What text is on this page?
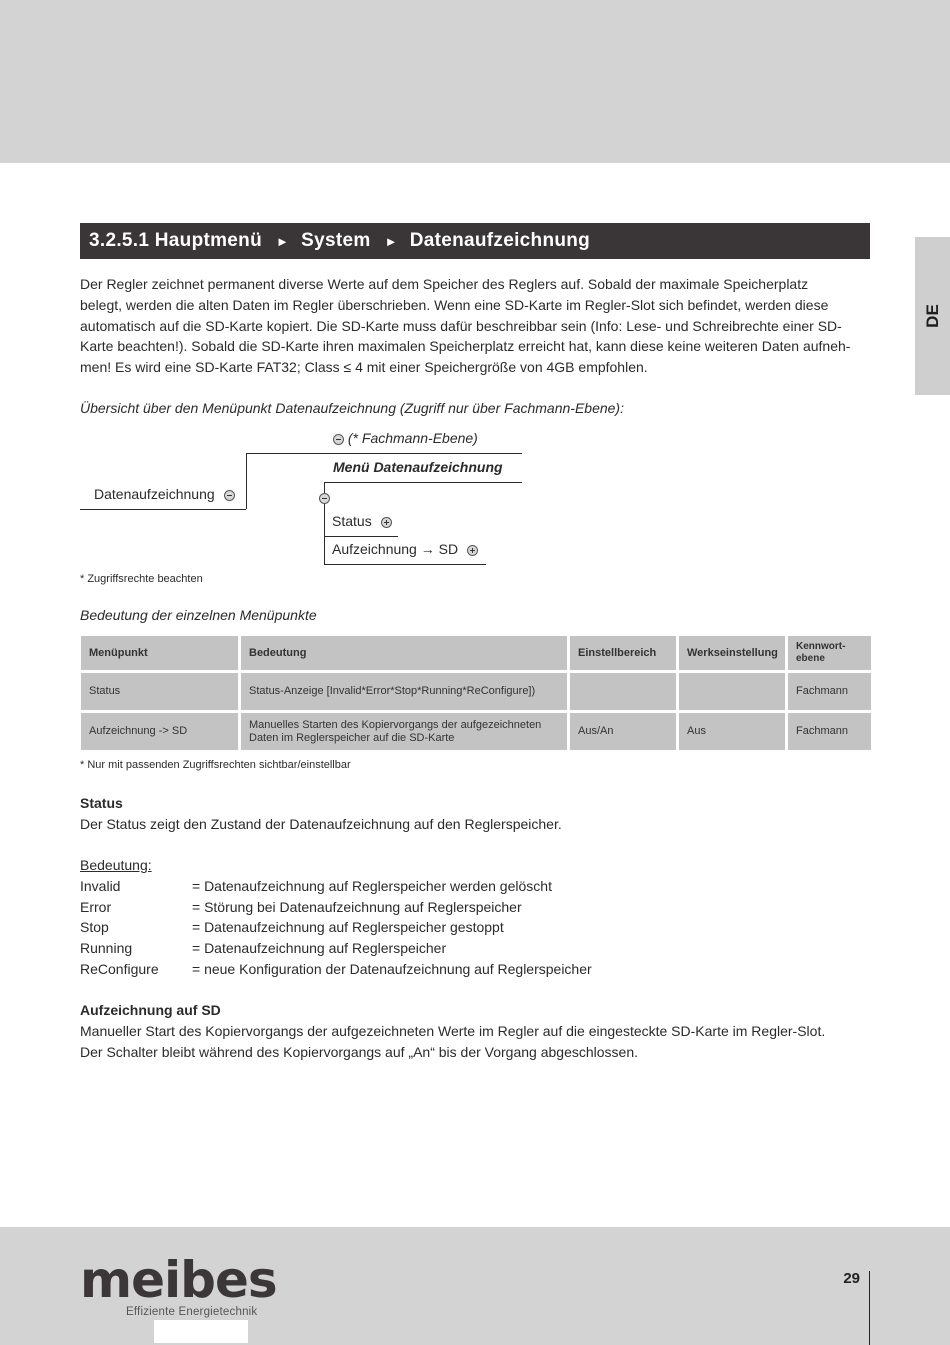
DE
3.2.5.1 Hauptmenü ► System ► Datenaufzeichnung

Der Regler zeichnet permanent diverse Werte auf dem Speicher des Reglers auf. Sobald der maximale Speicherplatz

belegt, werden die alten Daten im Regler überschrieben. Wenn eine SD-Karte im Regler-Slot sich befindet, werden diese

automatisch auf die SD-Karte kopiert. Die SD-Karte muss dafür beschreibbar sein (Info: Lese- und Schreibrechte einer SD-

Karte beachten!). Sobald die SD-Karte ihren maximalen Speicherplatz erreicht hat, kann diese keine weiteren Daten aufneh-

men! Es wird eine SD-Karte FAT32; Class ≤ 4 mit einer Speichergröße von 4GB empfohlen.

Übersicht über den Menüpunkt Datenaufzeichnung (Zugriff nur über Fachmann-Ebene):
(* Fachmann-Ebene)
Menü Datenaufzeichnung
Datenaufzeichnung
Status
Aufzeichnung → SD
* Zugriffsrechte beachten
Bedeutung der einzelnen Menüpunkte
Menüpunkt	Bedeutung	Einstellbereich	Werkseinstellung	Kennwort-
ebene
Status	Status-Anzeige [Invalid*Error*Stop*Running*ReConfigure])			Fachmann
Aufzeichnung -> SD	Manuelles Starten des Kopiervorgangs der aufgezeichneten Daten im Reglerspeicher auf die SD-Karte	Aus/An	Aus	Fachmann
* Nur mit passenden Zugriffsrechten sichtbar/einstellbar
Status
Der Status zeigt den Zustand der Datenaufzeichnung auf den Reglerspeicher.
Bedeutung:
Invalid	= Datenaufzeichnung auf Reglerspeicher werden gelöscht
Error	= Störung bei Datenaufzeichnung auf Reglerspeicher
Stop	= Datenaufzeichnung auf Reglerspeicher gestoppt
Running	= Datenaufzeichnung auf Reglerspeicher
ReConfigure = neue Konfiguration der Datenaufzeichnung auf Reglerspeicher
Aufzeichnung auf SD
Manueller Start des Kopiervorgangs der aufgezeichneten Werte im Regler auf die eingesteckte SD-Karte im Regler-Slot.
Der Schalter bleibt während des Kopiervorgangs auf „An“ bis der Vorgang abgeschlossen.
meibes
Effiziente Energietechnik
29
